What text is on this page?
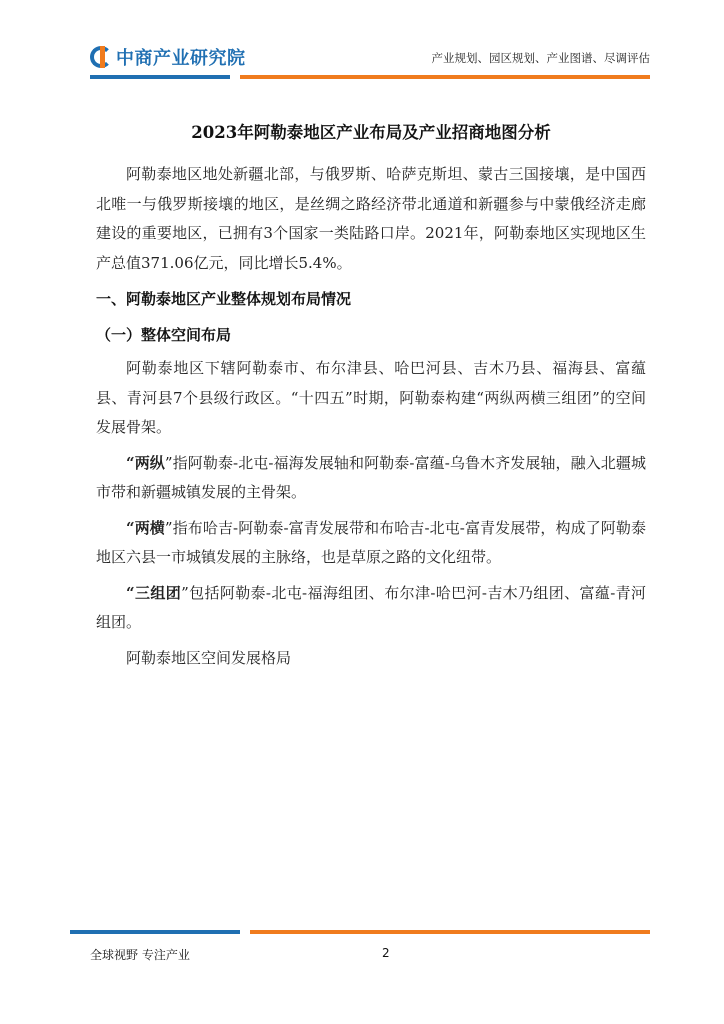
中商产业研究院	产业规划、园区规划、产业图谱、尽调评估
2023年阿勒泰地区产业布局及产业招商地图分析

阿勒泰地区地处新疆北部，与俄罗斯、哈萨克斯坦、蒙古三国接壤，是中国西北唯一与俄罗斯接壤的地区，是丝绸之路经济带北通道和新疆参与中蒙俄经济走廊建设的重要地区，已拥有3个国家一类陆路口岸。2021年，阿勒泰地区实现地区生产总值371.06亿元，同比增长5.4%。

一、阿勒泰地区产业整体规划布局情况
（一）整体空间布局

阿勒泰地区下辖阿勒泰市、布尔津县、哈巴河县、吉木乃县、福海县、富蕴县、青河县7个县级行政区。“十四五”时期，阿勒泰构建“两纵两横三组团”的空间发展骨架。

“两纵”指阿勒泰-北屯-福海发展轴和阿勒泰-富蕴-乌鲁木齐发展轴，融入北疆城市带和新疆城镇发展的主骨架。

“两横”指布哈吉-阿勒泰-富青发展带和布哈吉-北屯-富青发展带，构成了阿勒泰地区六县一市城镇发展的主脉络，也是草原之路的文化纽带。

“三组团”包括阿勒泰-北屯-福海组团、布尔津-哈巴河-吉木乃组团、富蕴-青河组团。

阿勒泰地区空间发展格局

全球视野 专注产业	2
